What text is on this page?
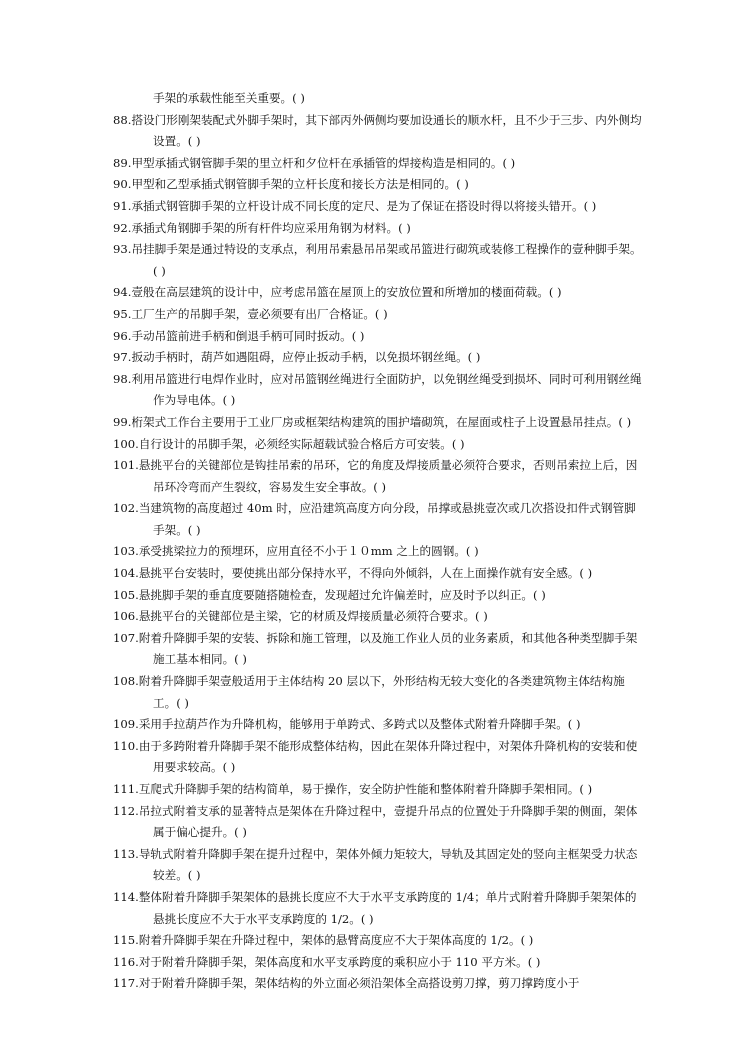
手架的承载性能至关重要。( )

88.搭设门形刚架装配式外脚手架时，其下部丙外俩侧均要加设通长的顺水杆，且不少于三步、内外侧均设置。( )

89.甲型承插式钢管脚手架的里立杆和夕位杆在承插管的焊接构造是相同的。( )

90.甲型和乙型承插式钢管脚手架的立杆长度和接长方法是相同的。( )

91.承插式钢管脚手架的立杆设计成不同长度的定尺、是为了保证在搭设时得以将接头错开。( )

92.承插式角钢脚手架的所有杆件均应采用角钢为材料。( )

93.吊挂脚手架是通过特设的支承点，利用吊索悬吊吊架或吊篮进行砌筑或装修工程操作的壹种脚手架。( )

94.壹般在高层建筑的设计中，应考虑吊篮在屋顶上的安放位置和所增加的楼面荷载。( )

95.工厂生产的吊脚手架，壹必须要有出厂合格证。( )

96.手动吊篮前进手柄和倒退手柄可同时扳动。( )

97.扳动手柄时，葫芦如遇阻碍，应停止扳动手柄，以免损坏钢丝绳。( )

98.利用吊篮进行电焊作业时，应对吊篮钢丝绳进行全面防护，以免钢丝绳受到损坏、同时可利用钢丝绳作为导电体。( )

99.桁架式工作台主要用于工业厂房或框架结构建筑的围护墙砌筑，在屋面或柱子上设置悬吊挂点。( )

100.自行设计的吊脚手架，必须经实际超载试验合格后方可安装。( )

101.悬挑平台的关键部位是钩挂吊索的吊环，它的角度及焊接质量必须符合要求，否则吊索拉上后，因吊环冷弯而产生裂纹，容易发生安全事故。( )

102.当建筑物的高度超过 40m 时，应沿建筑高度方向分段，吊撑或悬挑壹次或几次搭设扣件式钢管脚手架。( )

103.承受挑梁拉力的预埋环，应用直径不小于１０mm 之上的圆钢。( )

104.悬挑平台安装时，要使挑出部分保持水平，不得向外倾斜，人在上面操作就有安全感。( )

105.悬挑脚手架的垂直度要随搭随检查，发现超过允许偏差时，应及时予以纠正。( )

106.悬挑平台的关键部位是主梁，它的材质及焊接质量必须符合要求。( )

107.附着升降脚手架的安装、拆除和施工管理，以及施工作业人员的业务素质，和其他各种类型脚手架施工基本相同。( )

108.附着升降脚手架壹般适用于主体结构 20 层以下，外形结构无较大变化的各类建筑物主体结构施工。( )

109.采用手拉葫芦作为升降机构，能够用于单跨式、多跨式以及整体式附着升降脚手架。( )

110.由于多跨附着升降脚手架不能形成整体结构，因此在架体升降过程中，对架体升降机构的安装和使用要求较高。( )

111.互爬式升降脚手架的结构简单，易于操作，安全防护性能和整体附着升降脚手架相同。( )

112.吊拉式附着支承的显著特点是架体在升降过程中，壹提升吊点的位置处于升降脚手架的侧面，架体属于偏心提升。( )

113.导轨式附着升降脚手架在提升过程中，架体外倾力矩较大，导轨及其固定处的竖向主框架受力状态较差。( )

114.整体附着升降脚手架架体的悬挑长度应不大于水平支承跨度的 1/4；单片式附着升降脚手架架体的悬挑长度应不大于水平支承跨度的 1/2。( )

115.附着升降脚手架在升降过程中，架体的悬臂高度应不大于架体高度的 1/2。( )

116.对于附着升降脚手架，架体高度和水平支承跨度的乘积应小于 110 平方米。( )

117.对于附着升降脚手架，架体结构的外立面必须沿架体全高搭设剪刀撑，剪刀撑跨度小于
